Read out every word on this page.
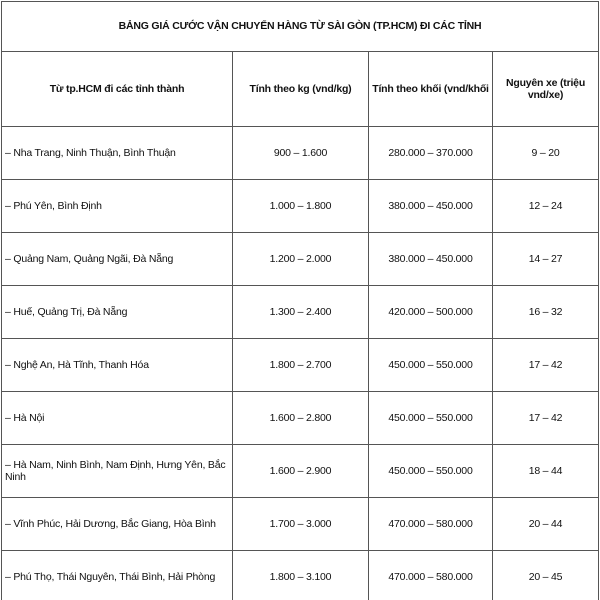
BẢNG GIÁ CƯỚC VẬN CHUYỂN HÀNG TỪ SÀI GÒN (TP.HCM) ĐI CÁC TỈNH			
Từ tp.HCM đi các tỉnh thành	Tính theo kg (vnd/kg)	Tính theo khối (vnd/khối	Nguyên xe (triệu vnd/xe)
– Nha Trang, Ninh Thuận, Bình Thuận	900 – 1.600	280.000 – 370.000	9 – 20
– Phú Yên, Bình Định	1.000 – 1.800	380.000 – 450.000	12 – 24
– Quảng Nam, Quảng Ngãi, Đà Nẵng	1.200 – 2.000	380.000 – 450.000	14 – 27
– Huế, Quảng Trị, Đà Nẵng	1.300 – 2.400	420.000 – 500.000	16 – 32
– Nghệ An, Hà Tĩnh, Thanh Hóa	1.800 – 2.700	450.000 – 550.000	17 – 42
– Hà Nội	1.600 – 2.800	450.000 – 550.000	17 – 42
– Hà Nam, Ninh Bình, Nam Định, Hưng Yên, Bắc Ninh	1.600 – 2.900	450.000 – 550.000	18 – 44
– Vĩnh Phúc, Hải Dương, Bắc Giang, Hòa Bình	1.700 – 3.000	470.000 – 580.000	20 – 44
– Phú Thọ, Thái Nguyên, Thái Bình, Hải Phòng	1.800 – 3.100	470.000 – 580.000	20 – 45
